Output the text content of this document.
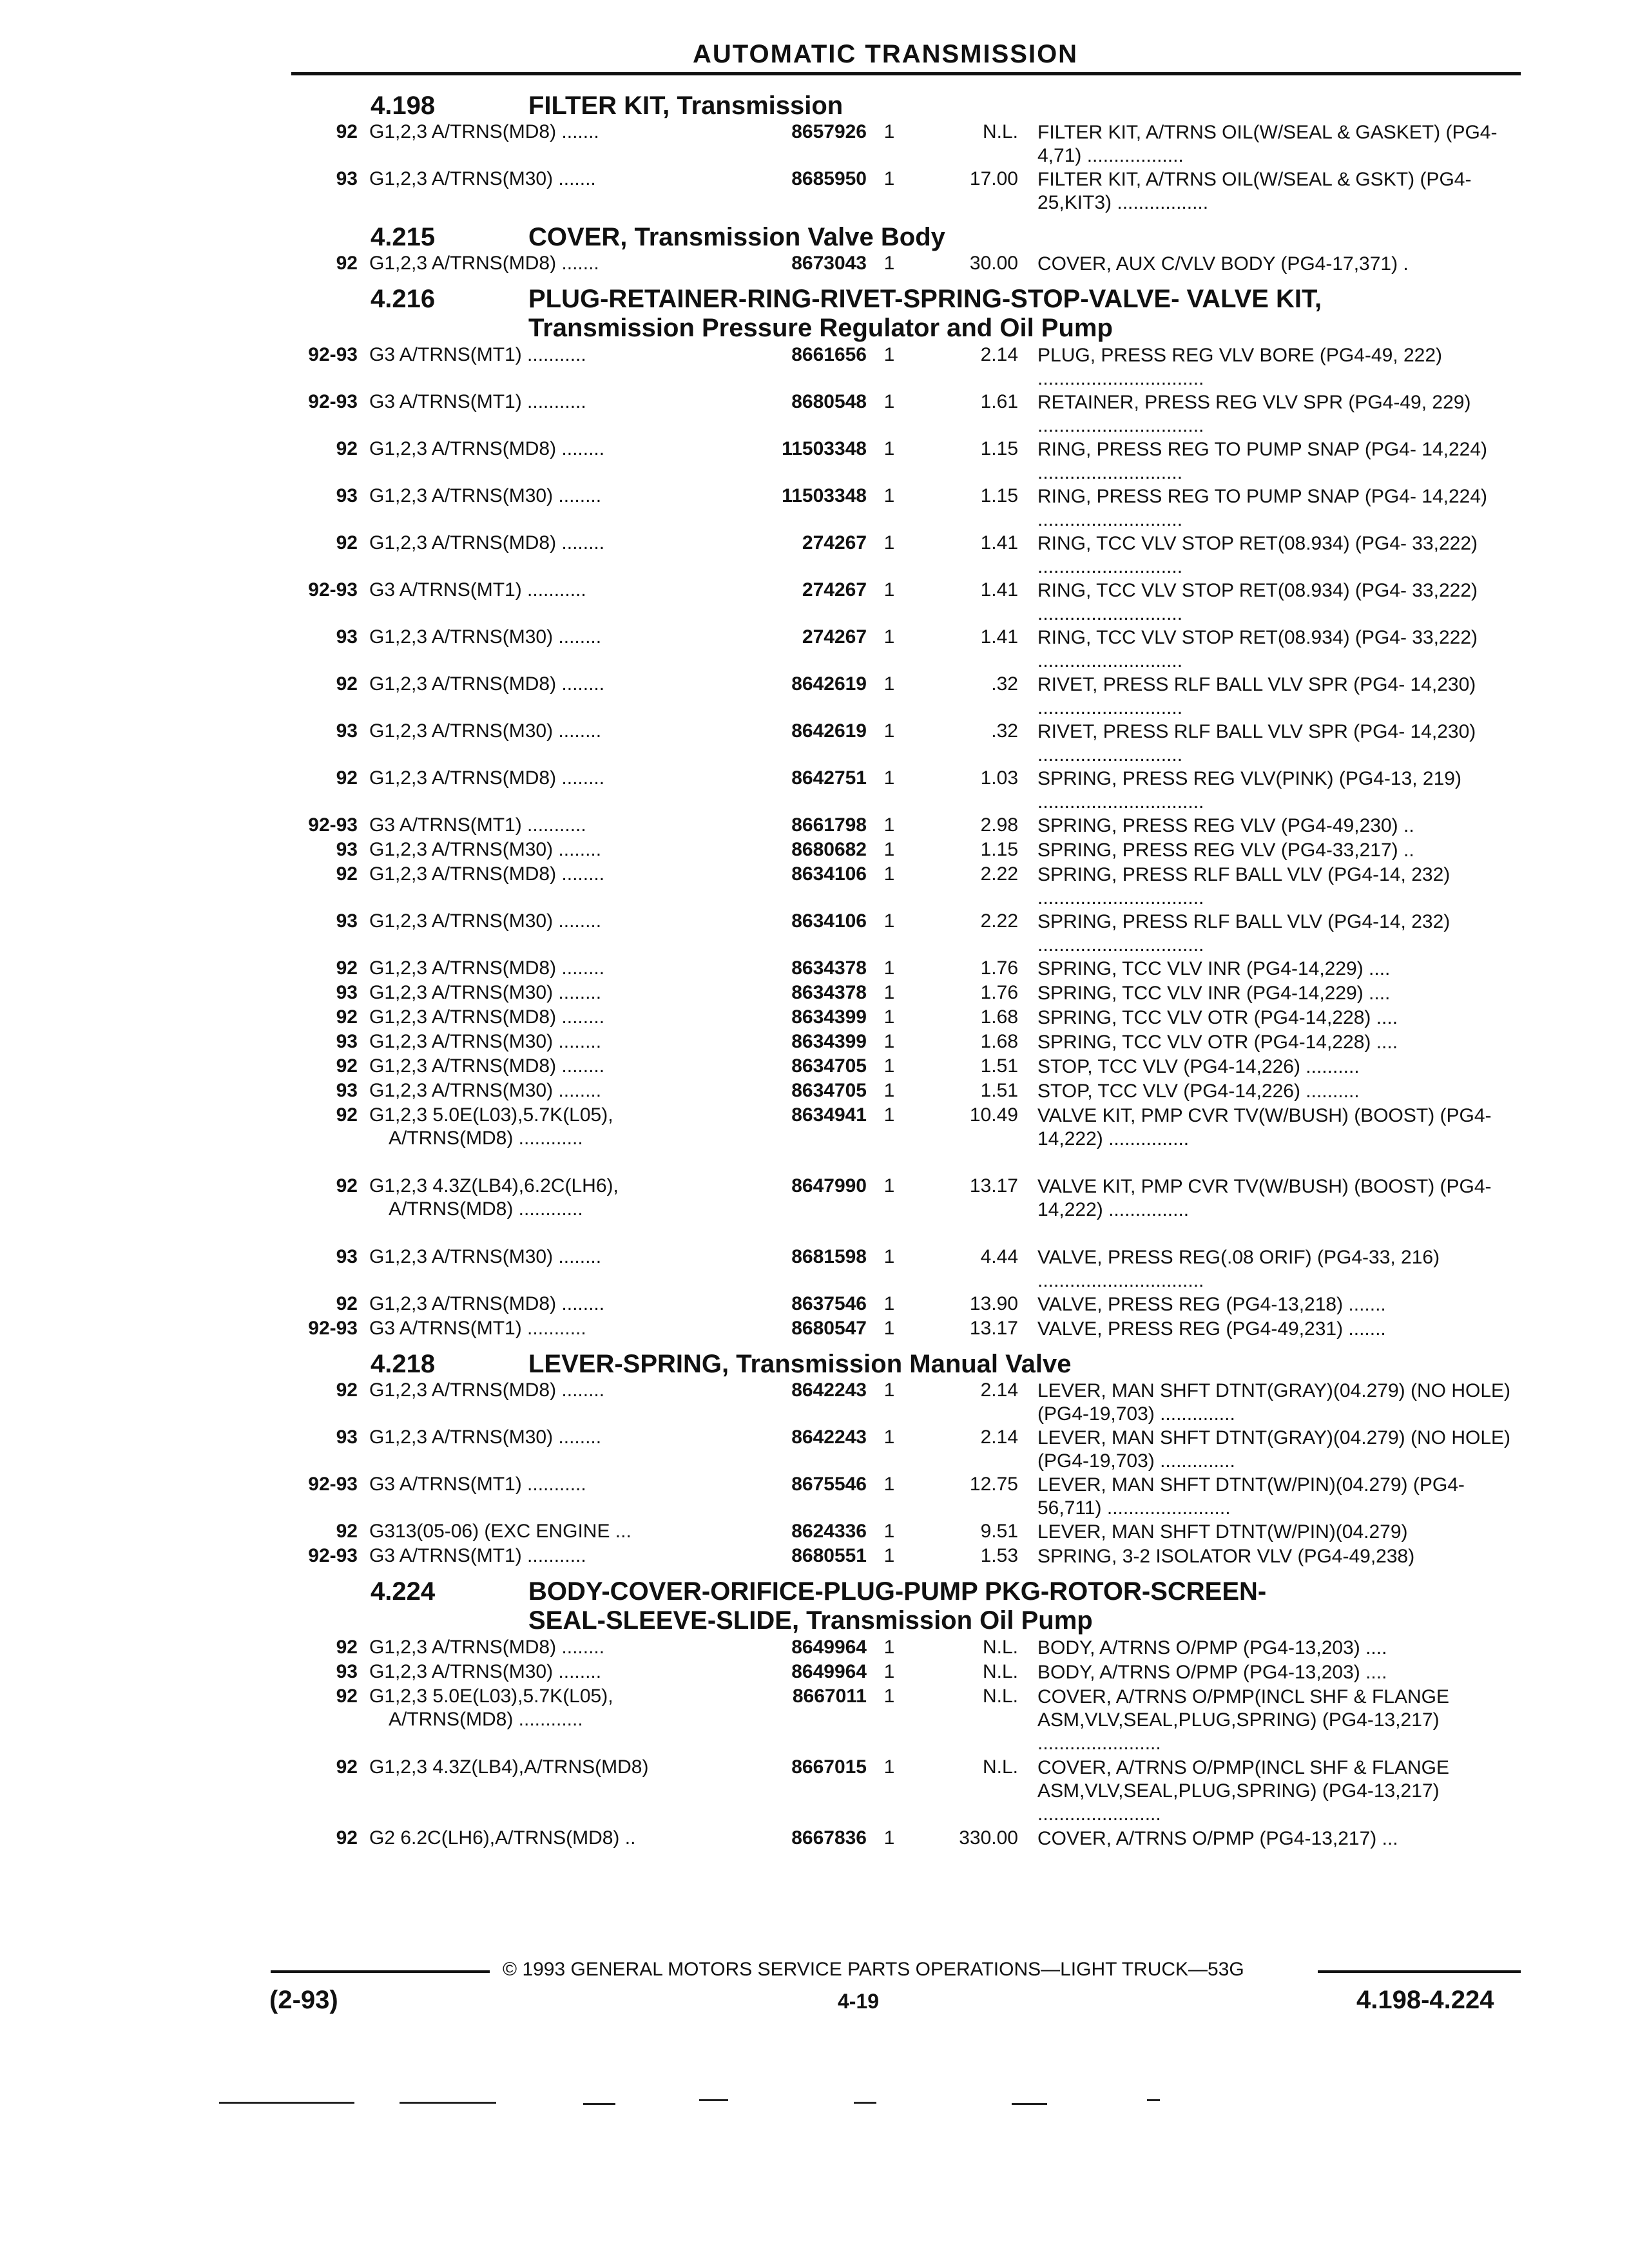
AUTOMATIC TRANSMISSION
4.198	FILTER KIT, Transmission
92 G1,2,3 A/TRNS(MD8) .......	8657926 1	N.L. FILTER KIT, A/TRNS OIL(W/SEAL & GASKET) (PG4-4,71) ..................
93 G1,2,3 A/TRNS(M30) .......	8685950 1	17.00 FILTER KIT, A/TRNS OIL(W/SEAL & GSKT) (PG4-25,KIT3) .................
4.215	COVER, Transmission Valve Body
92 G1,2,3 A/TRNS(MD8) .......	8673043 1	30.00 COVER, AUX C/VLV BODY (PG4-17,371) .
4.216	PLUG-RETAINER-RING-RIVET-SPRING-STOP-VALVE- VALVE KIT,
Transmission Pressure Regulator and Oil Pump
92-93 G3 A/TRNS(MT1) ...........	8661656 1	2.14 PLUG, PRESS REG VLV BORE (PG4-49, 222) ...............................
92-93 G3 A/TRNS(MT1) ...........	8680548 1	1.61 RETAINER, PRESS REG VLV SPR (PG4-49, 229) ...............................
92 G1,2,3 A/TRNS(MD8) ........	11503348 1	1.15 RING, PRESS REG TO PUMP SNAP (PG4- 14,224) ...........................
93 G1,2,3 A/TRNS(M30) ........	11503348 1	1.15 RING, PRESS REG TO PUMP SNAP (PG4- 14,224) ...........................
92 G1,2,3 A/TRNS(MD8) ........	274267 1	1.41 RING, TCC VLV STOP RET(08.934) (PG4- 33,222) ...........................
92-93 G3 A/TRNS(MT1) ...........	274267 1	1.41 RING, TCC VLV STOP RET(08.934) (PG4- 33,222) ...........................
93 G1,2,3 A/TRNS(M30) ........	274267 1	1.41 RING, TCC VLV STOP RET(08.934) (PG4- 33,222) ...........................
92 G1,2,3 A/TRNS(MD8) ........	8642619 1	.32 RIVET, PRESS RLF BALL VLV SPR (PG4- 14,230) ...........................
93 G1,2,3 A/TRNS(M30) ........	8642619 1	.32 RIVET, PRESS RLF BALL VLV SPR (PG4- 14,230) ...........................
92 G1,2,3 A/TRNS(MD8) ........	8642751 1	1.03 SPRING, PRESS REG VLV(PINK) (PG4-13, 219) ...............................
92-93 G3 A/TRNS(MT1) ...........	8661798 1	2.98 SPRING, PRESS REG VLV (PG4-49,230) ..
93 G1,2,3 A/TRNS(M30) ........	8680682 1	1.15 SPRING, PRESS REG VLV (PG4-33,217) ..
92 G1,2,3 A/TRNS(MD8) ........	8634106 1	2.22 SPRING, PRESS RLF BALL VLV (PG4-14, 232) ...............................
93 G1,2,3 A/TRNS(M30) ........	8634106 1	2.22 SPRING, PRESS RLF BALL VLV (PG4-14, 232) ...............................
92 G1,2,3 A/TRNS(MD8) ........	8634378 1	1.76 SPRING, TCC VLV INR (PG4-14,229) ....
93 G1,2,3 A/TRNS(M30) ........	8634378 1	1.76 SPRING, TCC VLV INR (PG4-14,229) ....
92 G1,2,3 A/TRNS(MD8) ........	8634399 1	1.68 SPRING, TCC VLV OTR (PG4-14,228) ....
93 G1,2,3 A/TRNS(M30) ........	8634399 1	1.68 SPRING, TCC VLV OTR (PG4-14,228) ....
92 G1,2,3 A/TRNS(MD8) ........	8634705 1	1.51 STOP, TCC VLV (PG4-14,226) ..........
93 G1,2,3 A/TRNS(M30) ........	8634705 1	1.51 STOP, TCC VLV (PG4-14,226) ..........
92 G1,2,3 5.0E(L03),5.7K(L05),
A/TRNS(MD8) ............
8634941 1	10.49 VALVE KIT, PMP CVR TV(W/BUSH) (BOOST) (PG4-14,222) ...............
92 G1,2,3 4.3Z(LB4),6.2C(LH6),
A/TRNS(MD8) ............
8647990 1	13.17 VALVE KIT, PMP CVR TV(W/BUSH) (BOOST) (PG4-14,222) ...............
93 G1,2,3 A/TRNS(M30) ........	8681598 1	4.44 VALVE, PRESS REG(.08 ORIF) (PG4-33, 216) ...............................
92 G1,2,3 A/TRNS(MD8) ........	8637546 1	13.90 VALVE, PRESS REG (PG4-13,218) .......
92-93 G3 A/TRNS(MT1) ...........	8680547 1	13.17 VALVE, PRESS REG (PG4-49,231) .......
4.218	LEVER-SPRING, Transmission Manual Valve
92 G1,2,3 A/TRNS(MD8) ........	8642243 1	2.14 LEVER, MAN SHFT DTNT(GRAY)(04.279) (NO HOLE) (PG4-19,703) ..............
93 G1,2,3 A/TRNS(M30) ........	8642243 1	2.14 LEVER, MAN SHFT DTNT(GRAY)(04.279) (NO HOLE) (PG4-19,703) ..............
92-93 G3 A/TRNS(MT1) ...........	8675546 1	12.75 LEVER, MAN SHFT DTNT(W/PIN)(04.279) (PG4-56,711) .......................
92 G313(05-06) (EXC ENGINE ...	8624336 1	9.51 LEVER, MAN SHFT DTNT(W/PIN)(04.279)
92-93 G3 A/TRNS(MT1) ...........	8680551 1	1.53 SPRING, 3-2 ISOLATOR VLV (PG4-49,238)
4.224	BODY-COVER-ORIFICE-PLUG-PUMP PKG-ROTOR-SCREEN-
SEAL-SLEEVE-SLIDE, Transmission Oil Pump
92 G1,2,3 A/TRNS(MD8) ........	8649964 1	N.L. BODY, A/TRNS O/PMP (PG4-13,203) ....
93 G1,2,3 A/TRNS(M30) ........	8649964 1	N.L. BODY, A/TRNS O/PMP (PG4-13,203) ....
92 G1,2,3 5.0E(L03),5.7K(L05),
A/TRNS(MD8) ............
8667011 1	N.L. COVER, A/TRNS O/PMP(INCL SHF & FLANGE ASM,VLV,SEAL,PLUG,SPRING) (PG4-13,217) .......................
92 G1,2,3 4.3Z(LB4),A/TRNS(MD8)	8667015 1	N.L. COVER, A/TRNS O/PMP(INCL SHF & FLANGE ASM,VLV,SEAL,PLUG,SPRING) (PG4-13,217) .......................
92 G2 6.2C(LH6),A/TRNS(MD8) ..	8667836 1	330.00 COVER, A/TRNS O/PMP (PG4-13,217) ...
© 1993 GENERAL MOTORS SERVICE PARTS OPERATIONS—LIGHT TRUCK—53G
(2-93)	4-19	4.198-4.224
